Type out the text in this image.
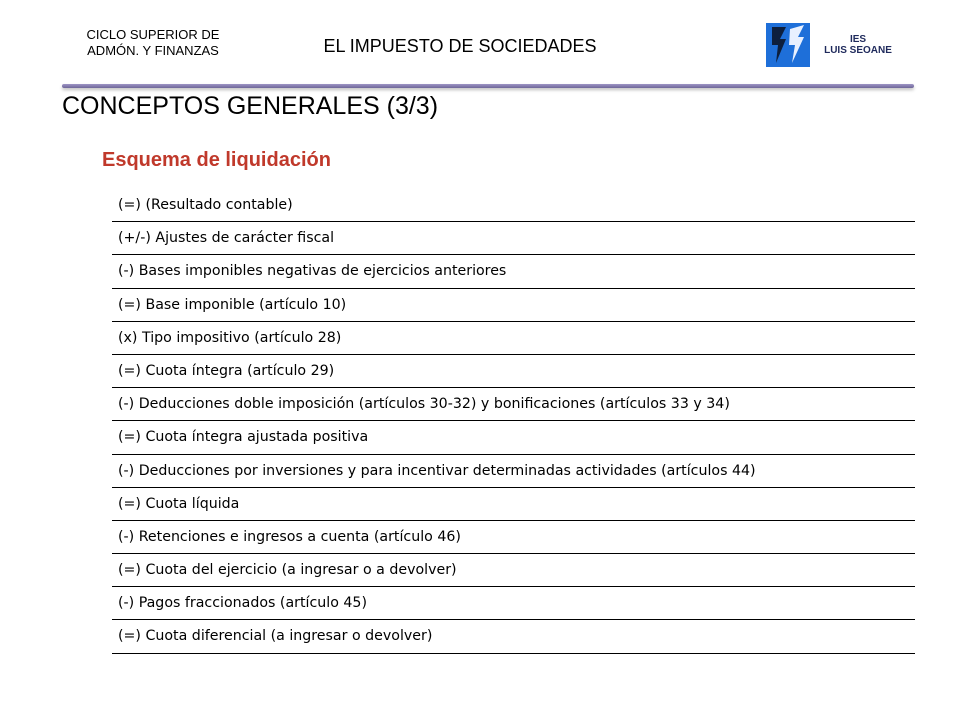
CICLO SUPERIOR DE
ADMÓN. Y FINANZAS	EL IMPUESTO DE SOCIEDADES	IES
LUIS SEOANE
CONCEPTOS GENERALES (3/3)
Esquema de liquidación
(=) (Resultado contable)
(+/-) Ajustes de carácter fiscal
(-) Bases imponibles negativas de ejercicios anteriores
(=) Base imponible (artículo 10)
(x) Tipo impositivo (artículo 28)
(=) Cuota íntegra (artículo 29)
(-) Deducciones doble imposición (artículos 30-32) y bonificaciones (artículos 33 y 34)
(=) Cuota íntegra ajustada positiva
(-) Deducciones por inversiones y para incentivar determinadas actividades (artículos 44)
(=) Cuota líquida
(-) Retenciones e ingresos a cuenta (artículo 46)
(=) Cuota del ejercicio (a ingresar o a devolver)
(-) Pagos fraccionados (artículo 45)
(=) Cuota diferencial (a ingresar o devolver)
